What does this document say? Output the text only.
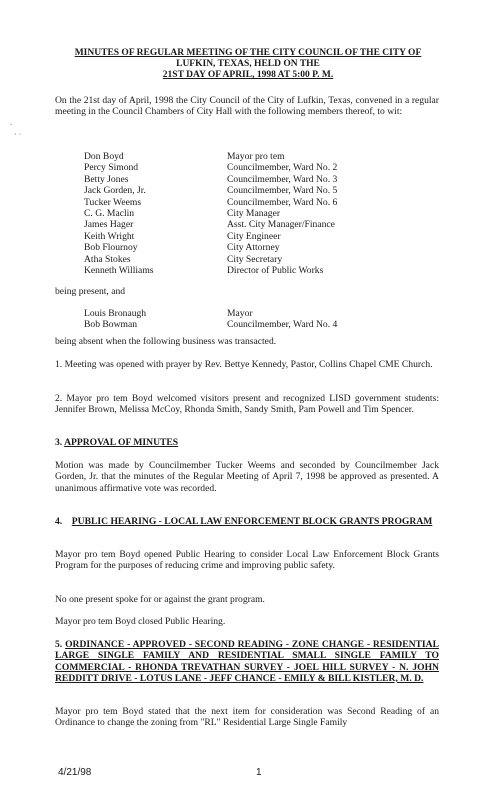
.
· ·
MINUTES OF REGULAR MEETING OF THE CITY COUNCIL OF THE CITY OF
LUFKIN, TEXAS, HELD ON THE
21ST DAY OF APRIL, 1998 AT 5:00 P. M.

On the 21st day of April, 1998 the City Council of the City of Lufkin, Texas, convened in a regular meeting in the Council Chambers of City Hall with the following members thereof, to wit:

Don Boyd	Mayor pro tem
Percy Simond	Councilmember, Ward No. 2
Betty Jones	Councilmember, Ward No. 3
Jack Gorden, Jr.	Councilmember, Ward No. 5
Tucker Weems	Councilmember, Ward No. 6
C. G. Maclin	City Manager
James Hager	Asst. City Manager/Finance
Keith Wright	City Engineer
Bob Flournoy	City Attorney
Atha Stokes	City Secretary
Kenneth Williams	Director of Public Works

being present, and

Louis Bronaugh	Mayor
Bob Bowman	Councilmember, Ward No. 4

being absent when the following business was transacted.

1. Meeting was opened with prayer by Rev. Bettye Kennedy, Pastor, Collins Chapel CME Church.

2. Mayor pro tem Boyd welcomed visitors present and recognized LISD government students: Jennifer Brown, Melissa McCoy, Rhonda Smith, Sandy Smith, Pam Powell and Tim Spencer.

3. APPROVAL OF MINUTES

Motion was made by Councilmember Tucker Weems and seconded by Councilmember Jack Gorden, Jr. that the minutes of the Regular Meeting of April 7, 1998 be approved as presented. A unanimous affirmative vote was recorded.

4. PUBLIC HEARING - LOCAL LAW ENFORCEMENT BLOCK GRANTS PROGRAM

Mayor pro tem Boyd opened Public Hearing to consider Local Law Enforcement Block Grants Program for the purposes of reducing crime and improving public safety.

No one present spoke for or against the grant program.

Mayor pro tem Boyd closed Public Hearing.

5. ORDINANCE - APPROVED - SECOND READING - ZONE CHANGE - RESIDENTIAL LARGE SINGLE FAMILY AND RESIDENTIAL SMALL SINGLE FAMILY TO COMMERCIAL - RHONDA TREVATHAN SURVEY - JOEL HILL SURVEY - N. JOHN REDDITT DRIVE - LOTUS LANE - JEFF CHANCE - EMILY & BILL KISTLER, M. D.

Mayor pro tem Boyd stated that the next item for consideration was Second Reading of an Ordinance to change the zoning from "RL" Residential Large Single Family

4/21/98	1
